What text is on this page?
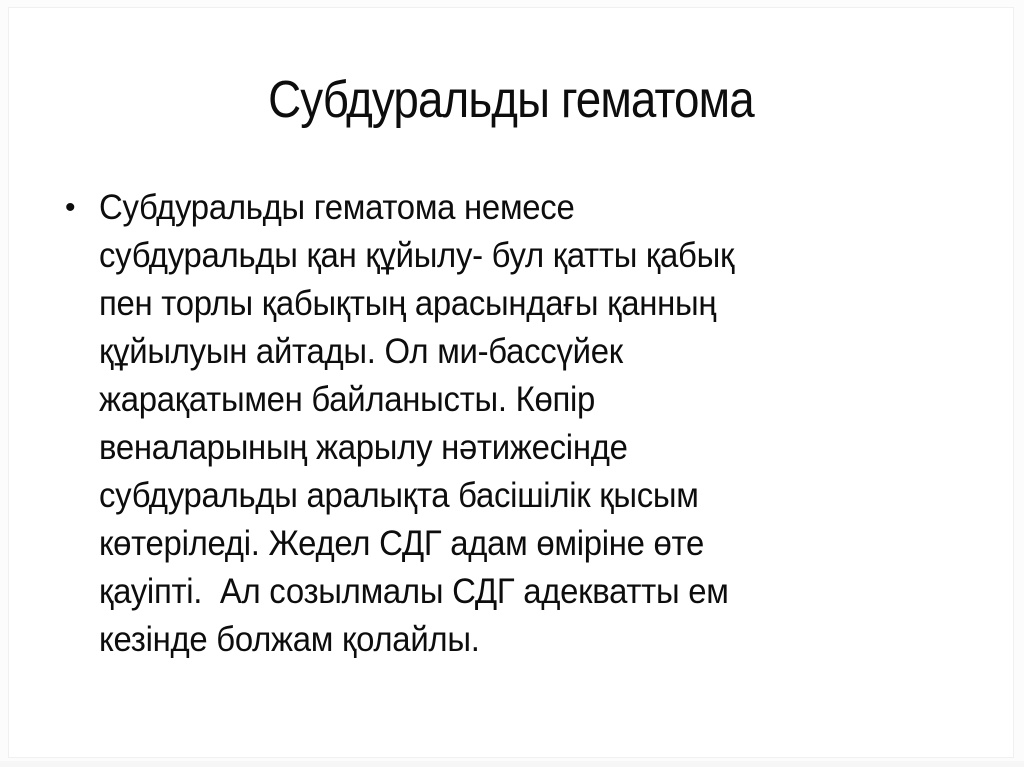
Субдуральды гематома
• Субдуральды гематома немесе
субдуральды қан құйылу- бул қатты қабық
пен торлы қабықтың арасындағы қанның
құйылуын айтады. Ол ми-бассүйек
жарақатымен байланысты. Көпір
веналарының жарылу нәтижесінде
субдуральды аралықта басішілік қысым
көтеріледі. Жедел СДГ адам өміріне өте
қауіпті.  Ал созылмалы СДГ адекватты ем
кезінде болжам қолайлы.
